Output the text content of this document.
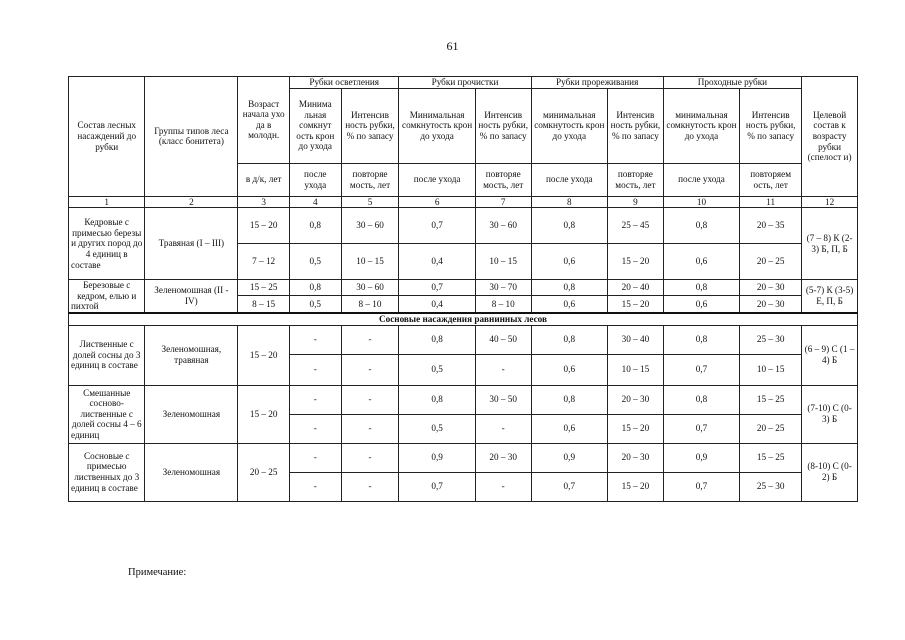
61
Состав лесных насаждений до рубки	Группы типов леса (класс бонитета)	Возраст начала ухо да в молодн.	Рубки осветления		Рубки прочистки		Рубки прореживания		Проходные рубки		Целевой состав к возрасту рубки (спелост и)
			Минима льная сомкнут ость крон до ухода	Интенсив ность рубки, % по запасу	Минимальная сомкнутость крон до ухода	Интенсив ность рубки, % по запасу	минимальная сомкнутость крон до ухода	Интенсив ность рубки, % по запасу	минимальная сомкнутость крон до ухода	Интенсив ность рубки, % по запасу	
		в д/к, лет	после ухода	повторяе мость, лет	после ухода	повторяе мость, лет	после ухода	повторяе мость, лет	после ухода	повторяем ость, лет	
1	2	3	4	5	6	7	8	9	10	11	12
Кедровые с примесью березы и других пород до 4 единиц в составе	Травяная (I – III)	15 – 20	0,8	30 – 60	0,7	30 – 60	0,8	25 – 45	0,8	20 – 35	(7 – 8) К (2-3) Б, П, Б
		7 – 12	0,5	10 – 15	0,4	10 – 15	0,6	15 – 20	0,6	20 – 25	
Березовые с кедром, елью и пихтой	Зеленомошная (II - IV)	15 – 25	0,8	30 – 60	0,7	30 – 70	0,8	20 – 40	0,8	20 – 30	(5-7) К (3-5) Е, П, Б
		8 – 15	0,5	8 – 10	0,4	8 – 10	0,6	15 – 20	0,6	20 – 30	
Сосновые насаждения равнинных лесов											
Лиственные с долей сосны до 3 единиц в составе	Зеленомошная, травяная	15 – 20	-	-	0,8	40 – 50	0,8	30 – 40	0,8	25 – 30	(6 – 9) С (1 – 4) Б
			-	-	0,5	-	0,6	10 – 15	0,7	10 – 15	
Смешанные сосново-лиственные с долей сосны 4 – 6 единиц	Зеленомошная	15 – 20	-	-	0,8	30 – 50	0,8	20 – 30	0,8	15 – 25	(7-10) С (0-3) Б
			-	-	0,5	-	0,6	15 – 20	0,7	20 – 25	
Сосновые с примесью лиственных до 3 единиц в составе	Зеленомошная	20 – 25	-	-	0,9	20 – 30	0,9	20 – 30	0,9	15 – 25	(8-10) С (0-2) Б
			-	-	0,7	-	0,7	15 – 20	0,7	25 – 30	
Примечание:
